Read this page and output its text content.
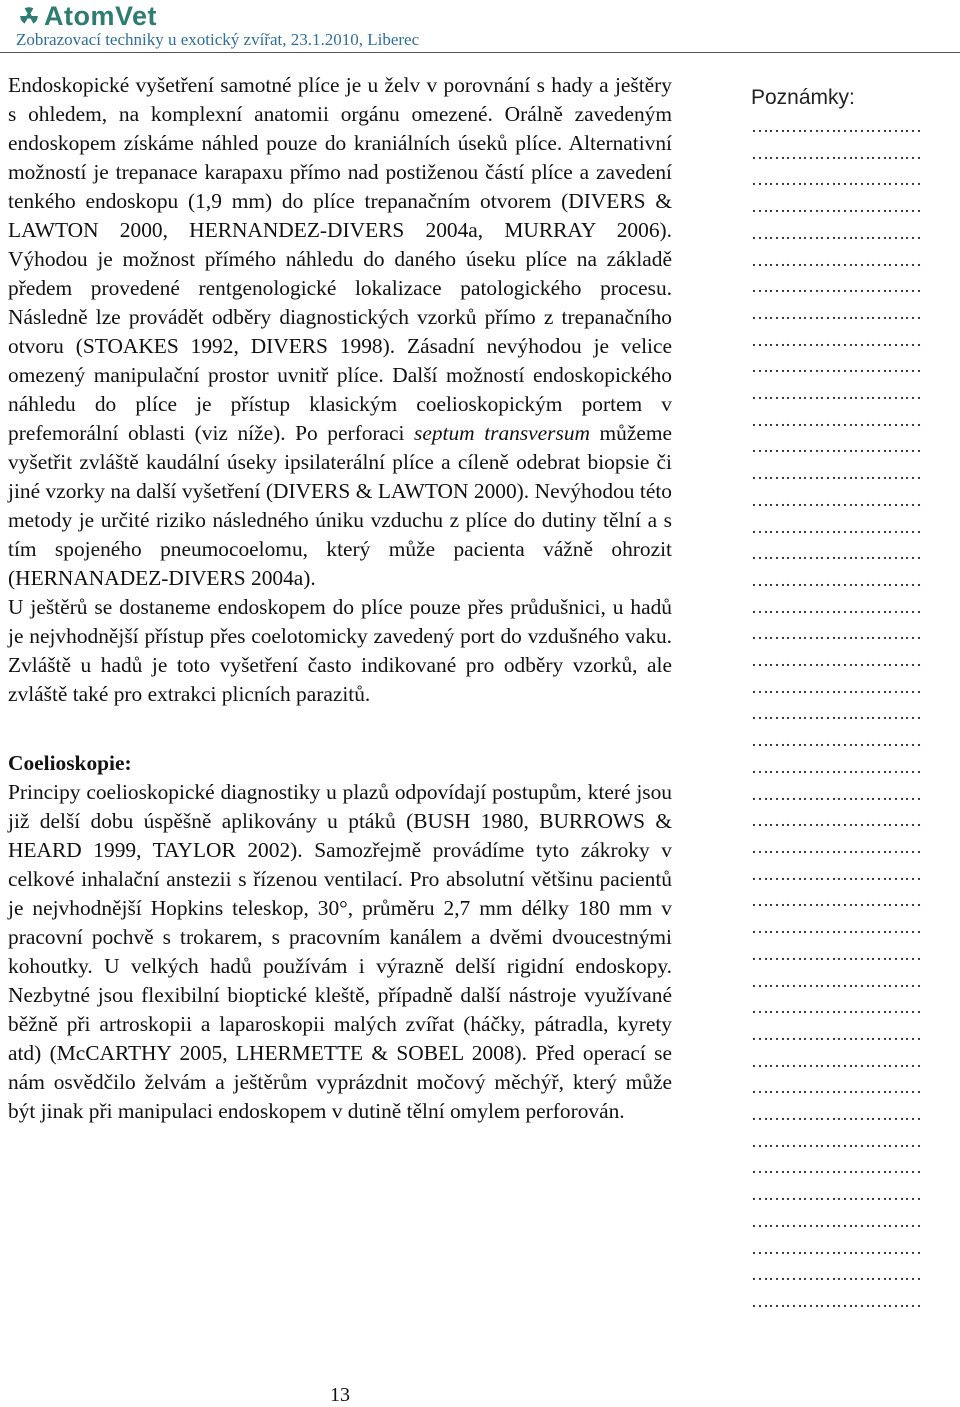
AtomVet
Zobrazovací techniky u exotický zvířat, 23.1.2010, Liberec

Endoskopické vyšetření samotné plíce je u želv v porovnání s hady a ještěry s ohledem, na komplexní anatomii orgánu omezené. Orálně zavedeným endoskopem získáme náhled pouze do kraniálních úseků plíce. Alternativní možností je trepanace karapaxu přímo nad postiženou částí plíce a zavedení tenkého endoskopu (1,9 mm) do plíce trepanačním otvorem (DIVERS & LAWTON 2000, HERNANDEZ-DIVERS 2004a, MURRAY 2006). Výhodou je možnost přímého náhledu do daného úseku plíce na základě předem provedené rentgenologické lokalizace patologického procesu. Následně lze provádět odběry diagnostických vzorků přímo z trepanačního otvoru (STOAKES 1992, DIVERS 1998). Zásadní nevýhodou je velice omezený manipulační prostor uvnitř plíce. Další možností endoskopického náhledu do plíce je přístup klasickým coelioskopickým portem v prefemorální oblasti (viz níže). Po perforaci septum transversum můžeme vyšetřit zvláště kaudální úseky ipsilaterální plíce a cíleně odebrat biopsie či jiné vzorky na další vyšetření (DIVERS & LAWTON 2000). Nevýhodou této metody je určité riziko následného úniku vzduchu z plíce do dutiny tělní a s tím spojeného pneumocoelomu, který může pacienta vážně ohrozit (HERNANADEZ-DIVERS 2004a).

U ještěrů se dostaneme endoskopem do plíce pouze přes průdušnici, u hadů je nejvhodnější přístup přes coelotomicky zavedený port do vzdušného vaku. Zvláště u hadů je toto vyšetření často indikované pro odběry vzorků, ale zvláště také pro extrakci plicních parazitů.

Coelioskopie:

Principy coelioskopické diagnostiky u plazů odpovídají postupům, které jsou již delší dobu úspěšně aplikovány u ptáků (BUSH 1980, BURROWS & HEARD 1999, TAYLOR 2002). Samozřejmě provádíme tyto zákroky v celkové inhalační anstezii s řízenou ventilací. Pro absolutní většinu pacientů je nejvhodnější Hopkins teleskop, 30°, průměru 2,7 mm délky 180 mm v pracovní pochvě s trokarem, s pracovním kanálem a dvěmi dvoucestnými kohoutky. U velkých hadů používám i výrazně delší rigidní endoskopy. Nezbytné jsou flexibilní bioptické kleště, případně další nástroje využívané běžně při artroskopii a laparoskopii malých zvířat (háčky, pátradla, kyrety atd) (McCARTHY 2005, LHERMETTE & SOBEL 2008). Před operací se nám osvědčilo želvám a ještěrům vyprázdnit močový měchýř, který může být jinak při manipulaci endoskopem v dutině tělní omylem perforován.

Poznámky:
…………………………
…………………………
…………………………
…………………………
…………………………
…………………………
…………………………
…………………………
…………………………
…………………………
…………………………
…………………………
…………………………
…………………………
…………………………
…………………………
…………………………
…………………………
…………………………
…………………………
…………………………
…………………………
…………………………
…………………………
…………………………
…………………………
…………………………
…………………………
…………………………
…………………………
…………………………
…………………………
…………………………
…………………………
…………………………
…………………………
…………………………
…………………………
…………………………
…………………………
…………………………
…………………………
…………………………
…………………………
…………………………
13
